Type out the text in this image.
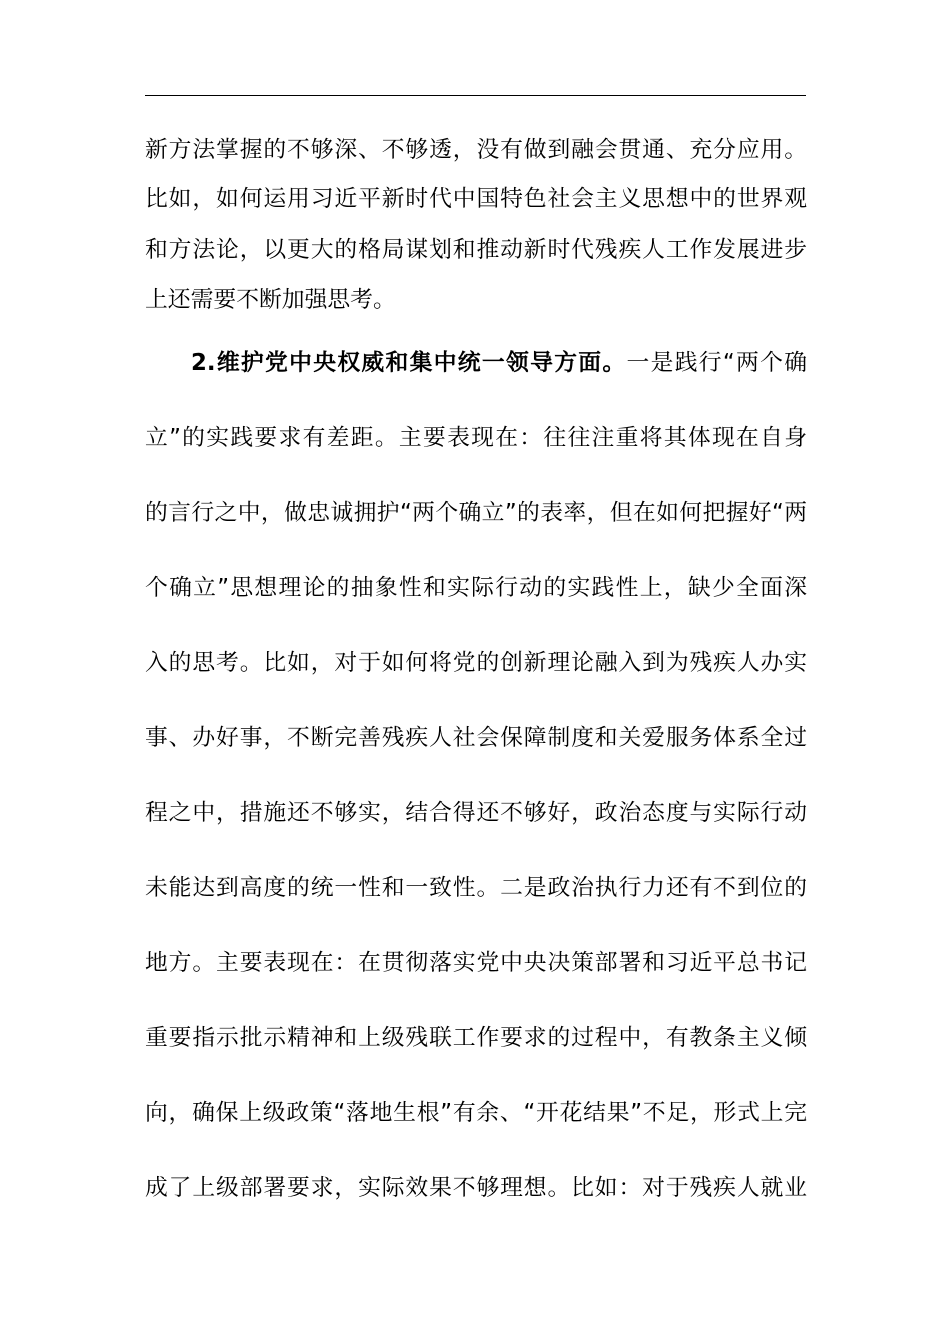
新方法掌握的不够深、不够透，没有做到融会贯通、充分应用。
比如，如何运用习近平新时代中国特色社会主义思想中的世界观
和方法论，以更大的格局谋划和推动新时代残疾人工作发展进步
上还需要不断加强思考。
2.维护党中央权威和集中统一领导方面。一是践行“两个确
立”的实践要求有差距。主要表现在：往往注重将其体现在自身
的言行之中，做忠诚拥护“两个确立”的表率，但在如何把握好“两
个确立”思想理论的抽象性和实际行动的实践性上，缺少全面深
入的思考。比如，对于如何将党的创新理论融入到为残疾人办实
事、办好事，不断完善残疾人社会保障制度和关爱服务体系全过
程之中，措施还不够实，结合得还不够好，政治态度与实际行动
未能达到高度的统一性和一致性。二是政治执行力还有不到位的
地方。主要表现在：在贯彻落实党中央决策部署和习近平总书记
重要指示批示精神和上级残联工作要求的过程中，有教条主义倾
向，确保上级政策“落地生根”有余、“开花结果”不足，形式上完
成了上级部署要求，实际效果不够理想。比如：对于残疾人就业
